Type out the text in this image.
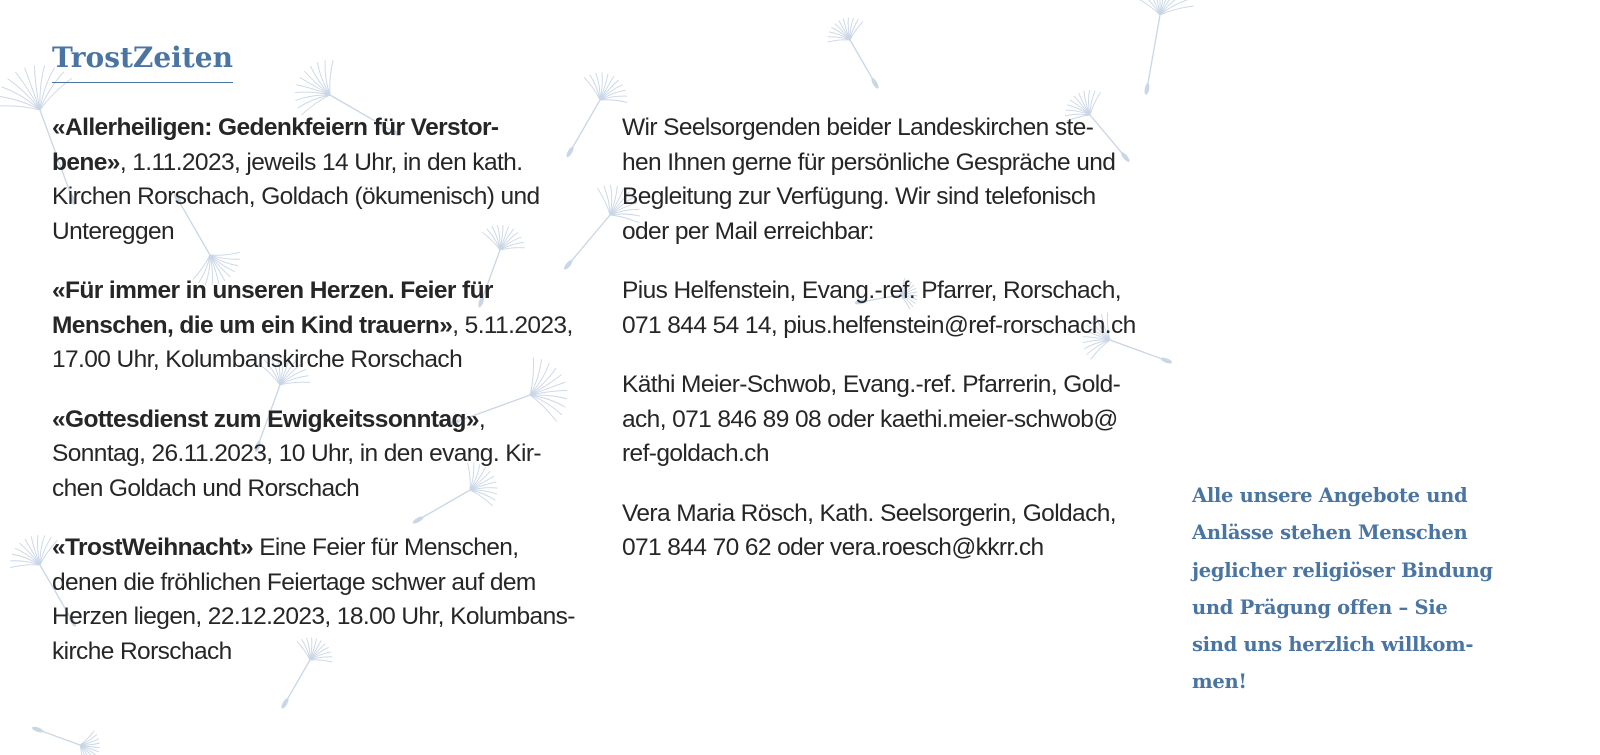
TrostZeiten

«Allerheiligen: Gedenkfeiern für Verstor-
bene», 1.11.2023, jeweils 14 Uhr, in den kath.
Kirchen Rorschach, Goldach (ökumenisch) und
Untereggen

«Für immer in unseren Herzen. Feier für
Menschen, die um ein Kind trauern», 5.11.2023,
17.00 Uhr, Kolumbanskirche Rorschach

«Gottesdienst zum Ewigkeitssonntag»,
Sonntag, 26.11.2023, 10 Uhr, in den evang. Kir-
chen Goldach und Rorschach

«TrostWeihnacht» Eine Feier für Menschen,
denen die fröhlichen Feiertage schwer auf dem
Herzen liegen, 22.12.2023, 18.00 Uhr, Kolumbans-
kirche Rorschach

Wir Seelsorgenden beider Landeskirchen ste-
hen Ihnen gerne für persönliche Gespräche und
Begleitung zur Verfügung. Wir sind telefonisch
oder per Mail erreichbar:

Pius Helfenstein, Evang.-ref. Pfarrer, Rorschach,
071 844 54 14, pius.helfenstein@ref-rorschach.ch

Käthi Meier-Schwob, Evang.-ref. Pfarrerin, Gold-
ach, 071 846 89 08 oder kaethi.meier-schwob@
ref-goldach.ch

Vera Maria Rösch, Kath. Seelsorgerin, Goldach,
071 844 70 62 oder vera.roesch@kkrr.ch

Alle unsere Angebote und
Anlässe stehen Menschen
jeglicher religiöser Bindung
und Prägung offen – Sie
sind uns herzlich willkom-
men!
